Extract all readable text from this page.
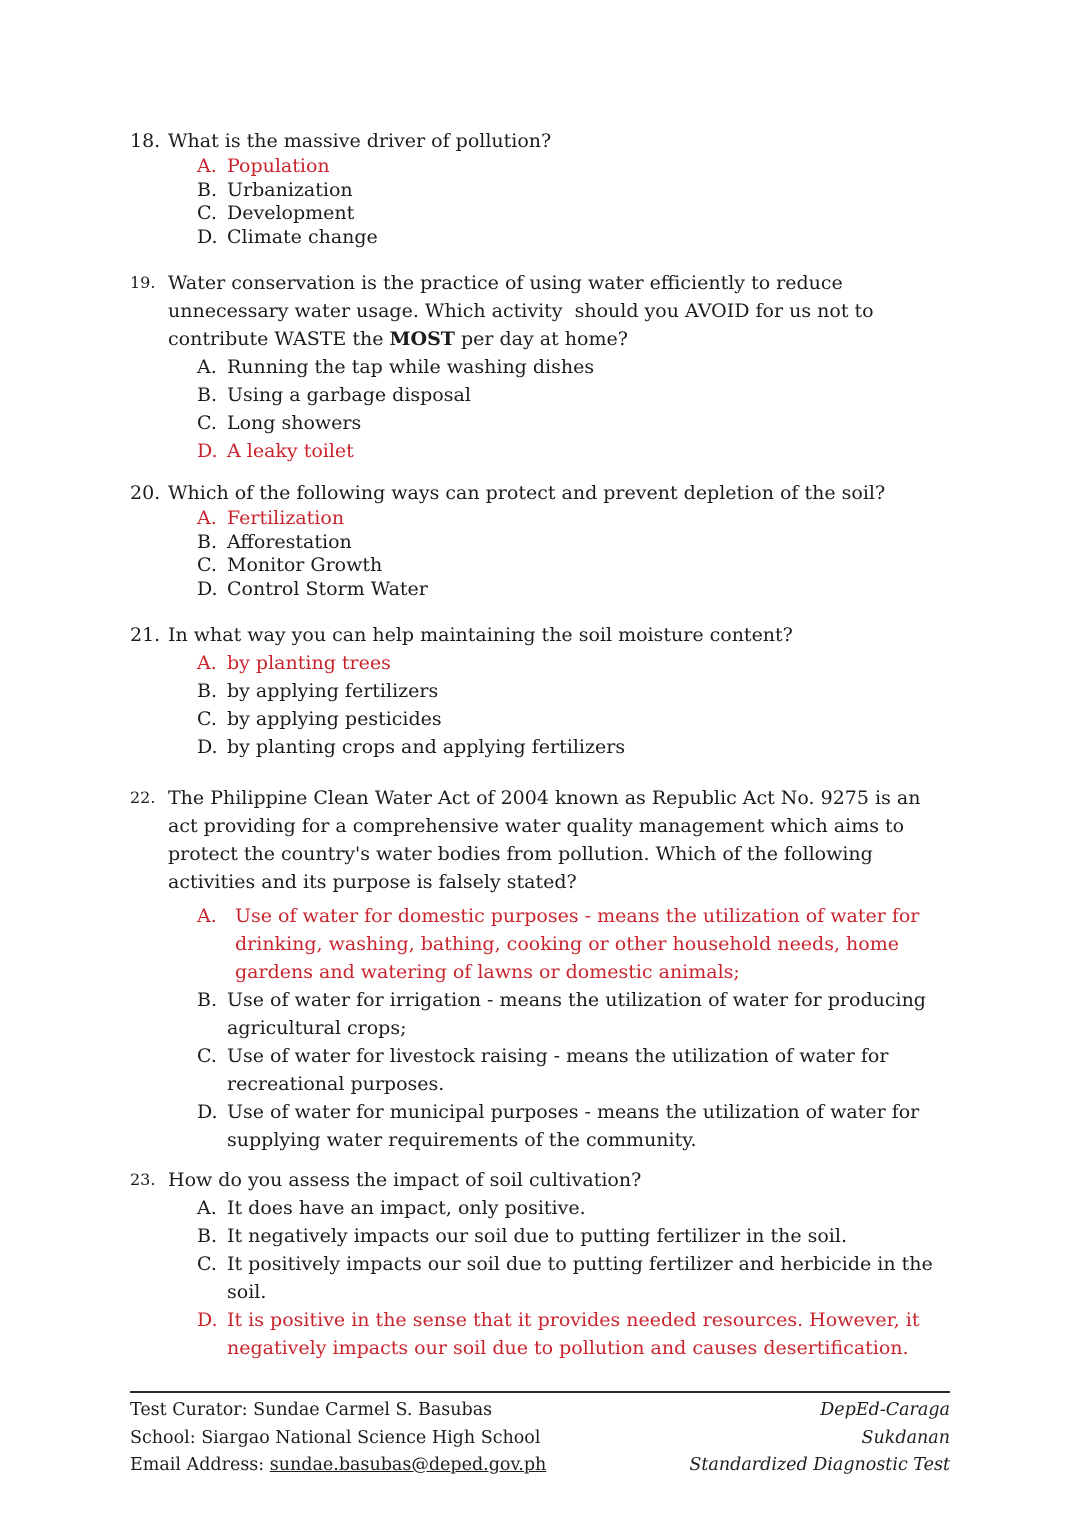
18. What is the massive driver of pollution?
A. Population
B. Urbanization
C. Development
D. Climate change
19. Water conservation is the practice of using water efficiently to reduce
unnecessary water usage. Which activity  should you AVOID for us not to
contribute WASTE the MOST per day at home?
A. Running the tap while washing dishes
B. Using a garbage disposal
C. Long showers
D. A leaky toilet
20. Which of the following ways can protect and prevent depletion of the soil?
A. Fertilization
B. Afforestation
C. Monitor Growth
D. Control Storm Water
21. In what way you can help maintaining the soil moisture content?
A. by planting trees
B. by applying fertilizers
C. by applying pesticides
D. by planting crops and applying fertilizers
22. The Philippine Clean Water Act of 2004 known as Republic Act No. 9275 is an
act providing for a comprehensive water quality management which aims to
protect the country's water bodies from pollution. Which of the following
activities and its purpose is falsely stated?
A. Use of water for domestic purposes - means the utilization of water for
drinking, washing, bathing, cooking or other household needs, home
gardens and watering of lawns or domestic animals;
B. Use of water for irrigation - means the utilization of water for producing
agricultural crops;
C. Use of water for livestock raising - means the utilization of water for
recreational purposes.
D. Use of water for municipal purposes - means the utilization of water for
supplying water requirements of the community.
23. How do you assess the impact of soil cultivation?
A. It does have an impact, only positive.
B. It negatively impacts our soil due to putting fertilizer in the soil.
C. It positively impacts our soil due to putting fertilizer and herbicide in the
soil.
D. It is positive in the sense that it provides needed resources. However, it
negatively impacts our soil due to pollution and causes desertification.
Test Curator: Sundae Carmel S. Basubas
School: Siargao National Science High School
Email Address: sundae.basubas@deped.gov.ph
DepEd-Caraga
Sukdanan
Standardized Diagnostic Test
